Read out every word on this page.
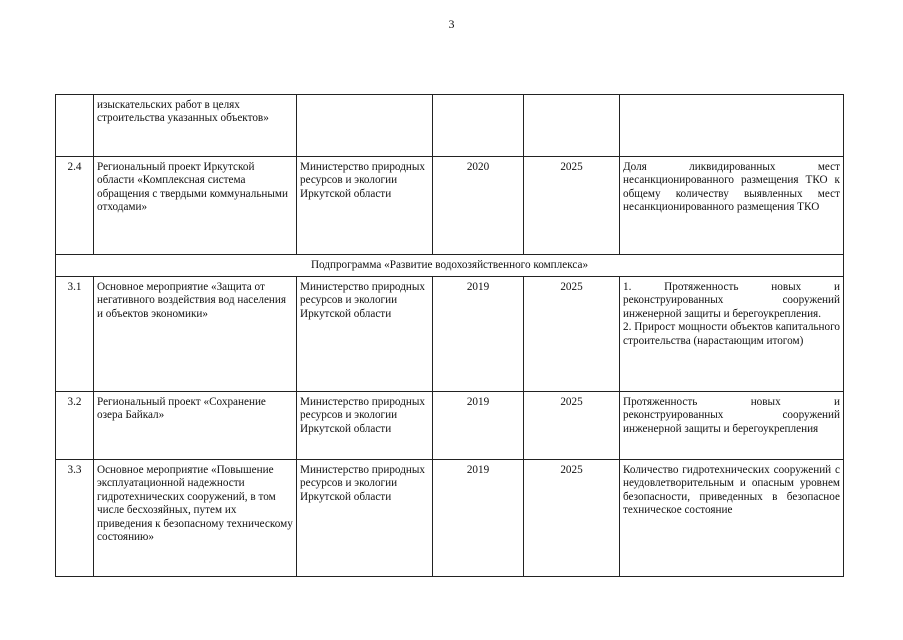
3
	изыскательских работ в целях строительства указанных объектов»				
2.4	Региональный проект Иркутской области «Комплексная система обращения с твердыми коммунальными отходами»	Министерство природных ресурсов и экологии Иркутской области	2020	2025	Доля ликвидированных мест несанкционированного размещения ТКО к общему количеству выявленных мест несанкционированного размещения ТКО

Подпрограмма «Развитие водохозяйственного комплекса»					
3.1	Основное мероприятие «Защита от негативного воздействия вод населения и объектов экономики»	Министерство природных ресурсов и экологии Иркутской области	2019	2025	1. Протяженность новых и реконструированных сооружений инженерной защиты и берегоукрепления.
2. Прирост мощности объектов капитального строительства (нарастающим итогом)

3.2	Региональный проект «Сохранение озера Байкал»	Министерство природных ресурсов и экологии Иркутской области	2019	2025	Протяженность новых и реконструированных сооружений инженерной защиты и берегоукрепления

3.3	Основное мероприятие «Повышение эксплуатационной надежности гидротехнических сооружений, в том числе бесхозяйных, путем их приведения к безопасному техническому состоянию»	Министерство природных ресурсов и экологии Иркутской области	2019	2025	Количество гидротехнических сооружений с неудовлетворительным и опасным уровнем безопасности, приведенных в безопасное техническое состояние
